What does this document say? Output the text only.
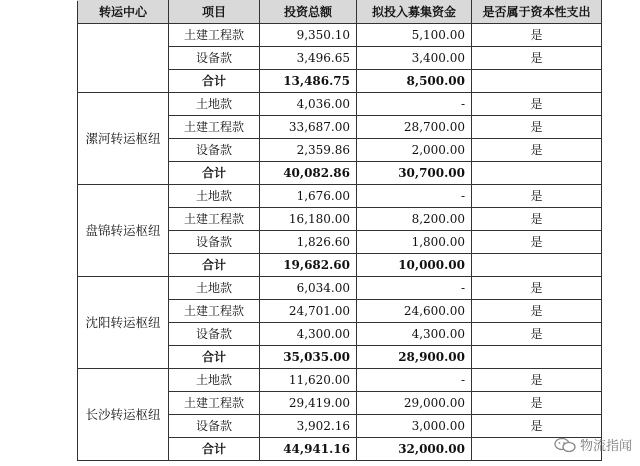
转运中心	项目	投资总额	拟投入募集资金	是否属于资本性支出
	土建工程款	9,350.10	5,100.00	是
	设备款	3,496.65	3,400.00	是
	合计	13,486.75	8,500.00	
漯河转运枢纽	土地款	4,036.00	-	是
	土建工程款	33,687.00	28,700.00	是
	设备款	2,359.86	2,000.00	是
	合计	40,082.86	30,700.00	
盘锦转运枢纽	土地款	1,676.00	-	是
	土建工程款	16,180.00	8,200.00	是
	设备款	1,826.60	1,800.00	是
	合计	19,682.60	10,000.00	
沈阳转运枢纽	土地款	6,034.00	-	是
	土建工程款	24,701.00	24,600.00	是
	设备款	4,300.00	4,300.00	是
	合计	35,035.00	28,900.00	
长沙转运枢纽	土地款	11,620.00	-	是
	土建工程款	29,419.00	29,000.00	是
	设备款	3,902.16	3,000.00	是
	合计	44,941.16	32,000.00		物流指闻
